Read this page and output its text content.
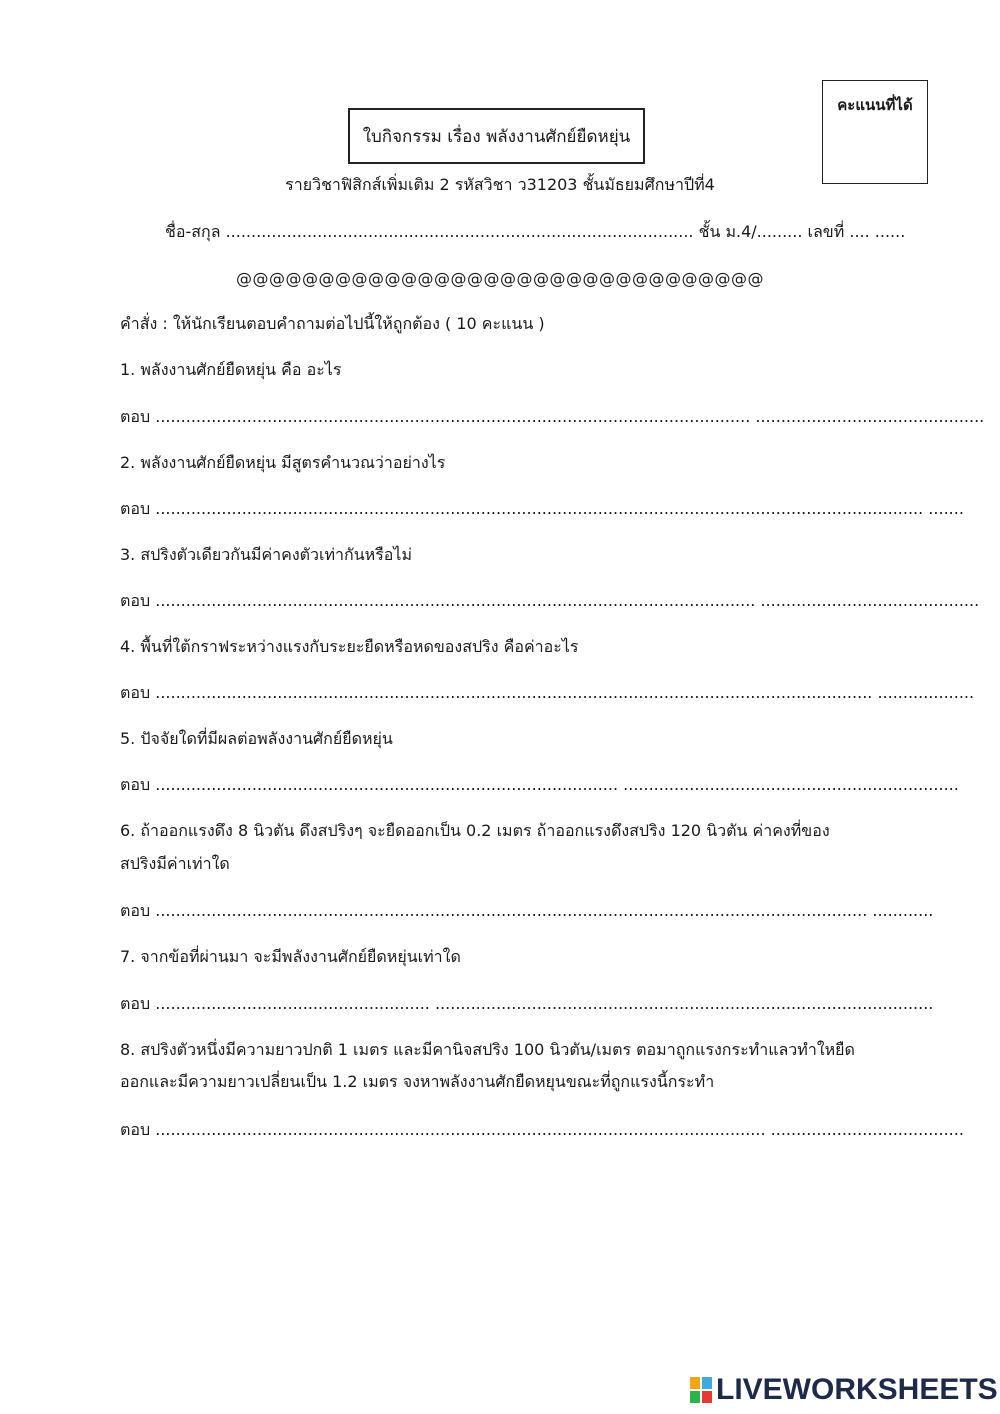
คะแนนที่ได้
ใบกิจกรรม เรื่อง พลังงานศักย์ยืดหยุ่น
รายวิชาฟิสิกส์เพิ่มเติม 2 รหัสวิชา ว31203 ชั้นมัธยมศึกษาปีที่4
ชื่อ-สกุล ............................................................................................ ชั้น ม.4/......... เลขที่ .... ......
@@@@@@@@@@@@@@@@@@@@@@@@@@@@@@@@
คำสั่ง : ให้นักเรียนตอบคำถามต่อไปนี้ให้ถูกต้อง ( 10 คะแนน )
1. พลังงานศักย์ยืดหยุ่น คือ อะไร
ตอบ ..................................................................................................................... .............................................
2. พลังงานศักย์ยืดหยุ่น มีสูตรคำนวณว่าอย่างไร
ตอบ ....................................................................................................................................................... .......
3. สปริงตัวเดียวกันมีค่าคงตัวเท่ากันหรือไม่
ตอบ ...................................................................................................................... ...........................................
4. พื้นที่ใต้กราฟระหว่างแรงกับระยะยืดหรือหดของสปริง คือค่าอะไร
ตอบ ............................................................................................................................................. ...................
5. ปัจจัยใดที่มีผลต่อพลังงานศักย์ยืดหยุ่น
ตอบ ........................................................................................... ..................................................................
6. ถ้าออกแรงดึง 8 นิวตัน ดึงสปริงๆ จะยืดออกเป็น 0.2 เมตร ถ้าออกแรงดึงสปริง 120 นิวตัน ค่าคงที่ของ
สปริงมีค่าเท่าใด
ตอบ ............................................................................................................................................ ............
7. จากข้อที่ผ่านมา จะมีพลังงานศักย์ยืดหยุ่นเท่าใด
ตอบ ...................................................... ..................................................................................................
8. สปริงตัวหนึ่งมีความยาวปกติ 1 เมตร และมีคานิจสปริง 100 นิวตัน/เมตร ตอมาถูกแรงกระทำแลวทำใหยืด
ออกและมีความยาวเปลี่ยนเป็น 1.2 เมตร จงหาพลังงานศักยืดหยุนขณะที่ถูกแรงนี้กระทำ
ตอบ ........................................................................................................................ ......................................
LIVEWORKSHEETS
